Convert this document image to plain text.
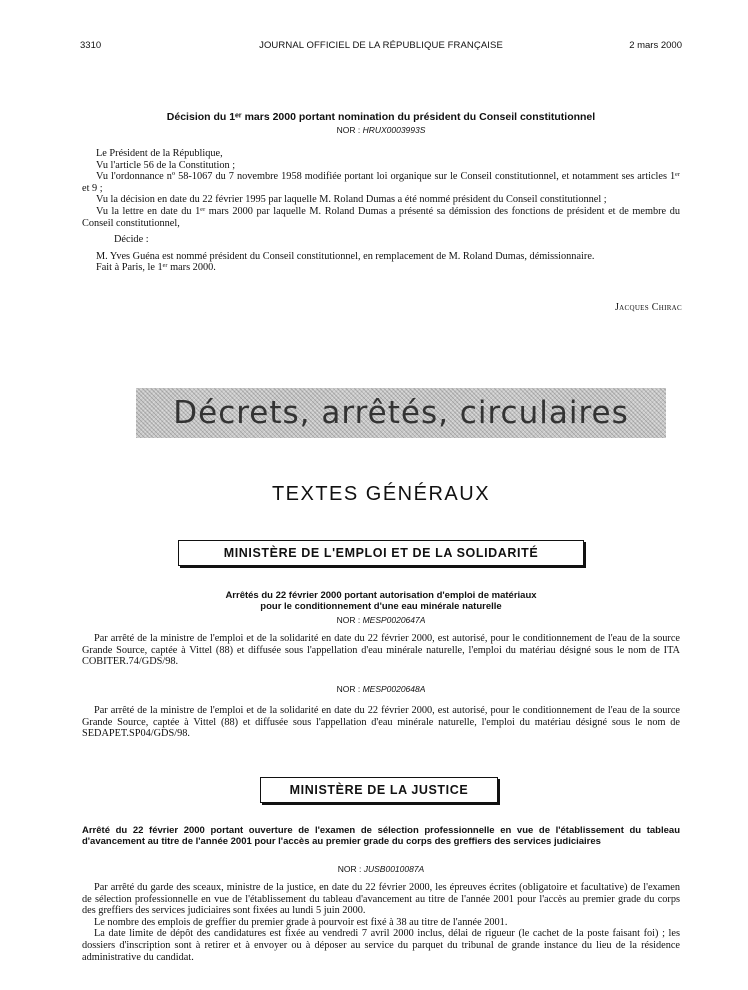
3310	JOURNAL OFFICIEL DE LA RÉPUBLIQUE FRANÇAISE	2 mars 2000
Décision du 1ᵉʳ mars 2000 portant nomination du président du Conseil constitutionnel
NOR : HRUX0003993S

Le Président de la République,

Vu l'article 56 de la Constitution ;

Vu l'ordonnance nº 58-1067 du 7 novembre 1958 modifiée portant loi organique sur le Conseil constitutionnel, et notamment ses articles 1ᵉʳ et 9 ;

Vu la décision en date du 22 février 1995 par laquelle M. Roland Dumas a été nommé président du Conseil constitutionnel ;

Vu la lettre en date du 1ᵉʳ mars 2000 par laquelle M. Roland Dumas a présenté sa démission des fonctions de président et de membre du Conseil constitutionnel,

Décide :

M. Yves Guéna est nommé président du Conseil constitutionnel, en remplacement de M. Roland Dumas, démissionnaire.

Fait à Paris, le 1ᵉʳ mars 2000.

Jacques Chirac
Décrets, arrêtés, circulaires
TEXTES GÉNÉRAUX
MINISTÈRE DE L'EMPLOI ET DE LA SOLIDARITÉ
Arrêtés du 22 février 2000 portant autorisation d'emploi de matériaux
pour le conditionnement d'une eau minérale naturelle
NOR : MESP0020647A

Par arrêté de la ministre de l'emploi et de la solidarité en date du 22 février 2000, est autorisé, pour le conditionnement de l'eau de la source Grande Source, captée à Vittel (88) et diffusée sous l'appellation d'eau minérale naturelle, l'emploi du matériau désigné sous le nom de ITA COBITER.74/GDS/98.

NOR : MESP0020648A

Par arrêté de la ministre de l'emploi et de la solidarité en date du 22 février 2000, est autorisé, pour le conditionnement de l'eau de la source Grande Source, captée à Vittel (88) et diffusée sous l'appellation d'eau minérale naturelle, l'emploi du matériau désigné sous le nom de SEDAPET.SP04/GDS/98.

MINISTÈRE DE LA JUSTICE
Arrêté du 22 février 2000 portant ouverture de l'examen de sélection professionnelle en vue de l'établissement du tableau d'avancement au titre de l'année 2001 pour l'accès au premier grade du corps des greffiers des services judiciaires
NOR : JUSB0010087A

Par arrêté du garde des sceaux, ministre de la justice, en date du 22 février 2000, les épreuves écrites (obligatoire et facultative) de l'examen de sélection professionnelle en vue de l'établissement du tableau d'avancement au titre de l'année 2001 pour l'accès au premier grade du corps des greffiers des services judiciaires sont fixées au lundi 5 juin 2000.

Le nombre des emplois de greffier du premier grade à pourvoir est fixé à 38 au titre de l'année 2001.

La date limite de dépôt des candidatures est fixée au vendredi 7 avril 2000 inclus, délai de rigueur (le cachet de la poste faisant foi) ; les dossiers d'inscription sont à retirer et à envoyer ou à déposer au service du parquet du tribunal de grande instance du lieu de la résidence administrative du candidat.
